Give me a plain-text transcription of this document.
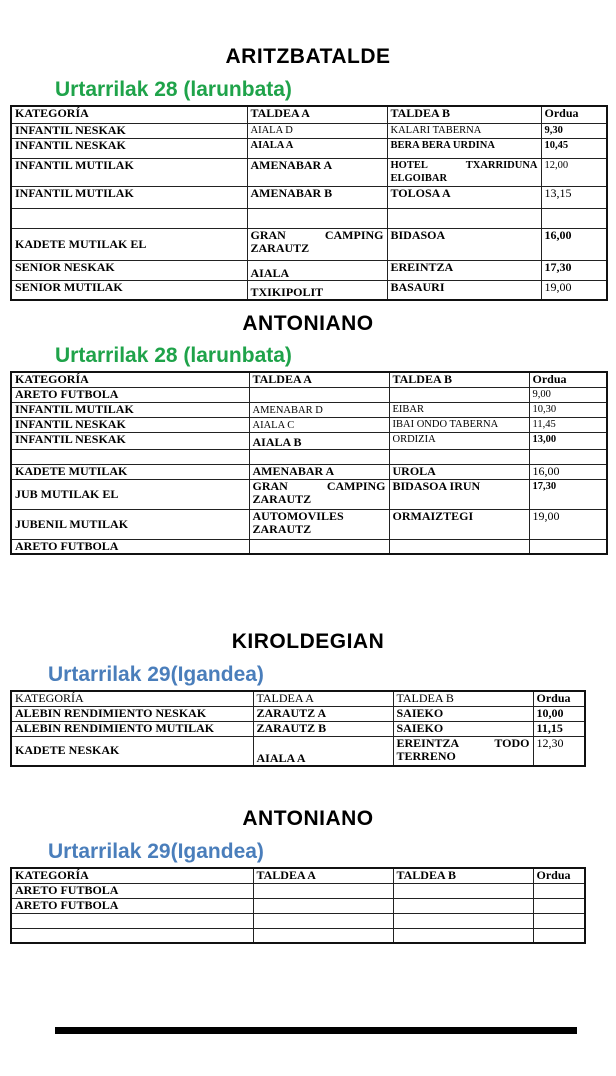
ARITZBATALDE
Urtarrilak 28 (larunbata)
KATEGORÍA	TALDEA A	TALDEA B	Ordua
INFANTIL NESKAK	AIALA D	KALARI TABERNA	9,30
INFANTIL NESKAK	AIALA A	BERA BERA URDINA	10,45
INFANTIL MUTILAK	AMENABAR A	HOTEL TXARRIDUNA ELGOIBAR	12,00
INFANTIL MUTILAK	AMENABAR B	TOLOSA A	13,15

KADETE MUTILAK EL	GRAN CAMPING ZARAUTZ	BIDASOA	16,00
SENIOR NESKAK	AIALA	EREINTZA	17,30
SENIOR MUTILAK	TXIKIPOLIT	BASAURI	19,00
ANTONIANO
Urtarrilak 28 (larunbata)
KATEGORÍA	TALDEA A	TALDEA B	Ordua
ARETO FUTBOLA			9,00
INFANTIL MUTILAK	AMENABAR D	EIBAR	10,30
INFANTIL NESKAK	AIALA C	IBAI ONDO TABERNA	11,45
INFANTIL NESKAK	AIALA B	ORDIZIA	13,00

KADETE MUTILAK	AMENABAR A	UROLA	16,00
JUB MUTILAK EL	GRAN CAMPING ZARAUTZ	BIDASOA IRUN	17,30
JUBENIL MUTILAK	AUTOMOVILES ZARAUTZ	ORMAIZTEGI	19,00
ARETO FUTBOLA			
KIROLDEGIAN
Urtarrilak 29(Igandea)
KATEGORÍA	TALDEA A	TALDEA B	Ordua
ALEBIN RENDIMIENTO NESKAK	ZARAUTZ A	SAIEKO	10,00
ALEBIN RENDIMIENTO MUTILAK	ZARAUTZ B	SAIEKO	11,15
KADETE NESKAK	AIALA A	EREINTZA TODO TERRENO	12,30
ANTONIANO
Urtarrilak 29(Igandea)
KATEGORÍA	TALDEA A	TALDEA B	Ordua
ARETO FUTBOLA			
ARETO FUTBOLA			
